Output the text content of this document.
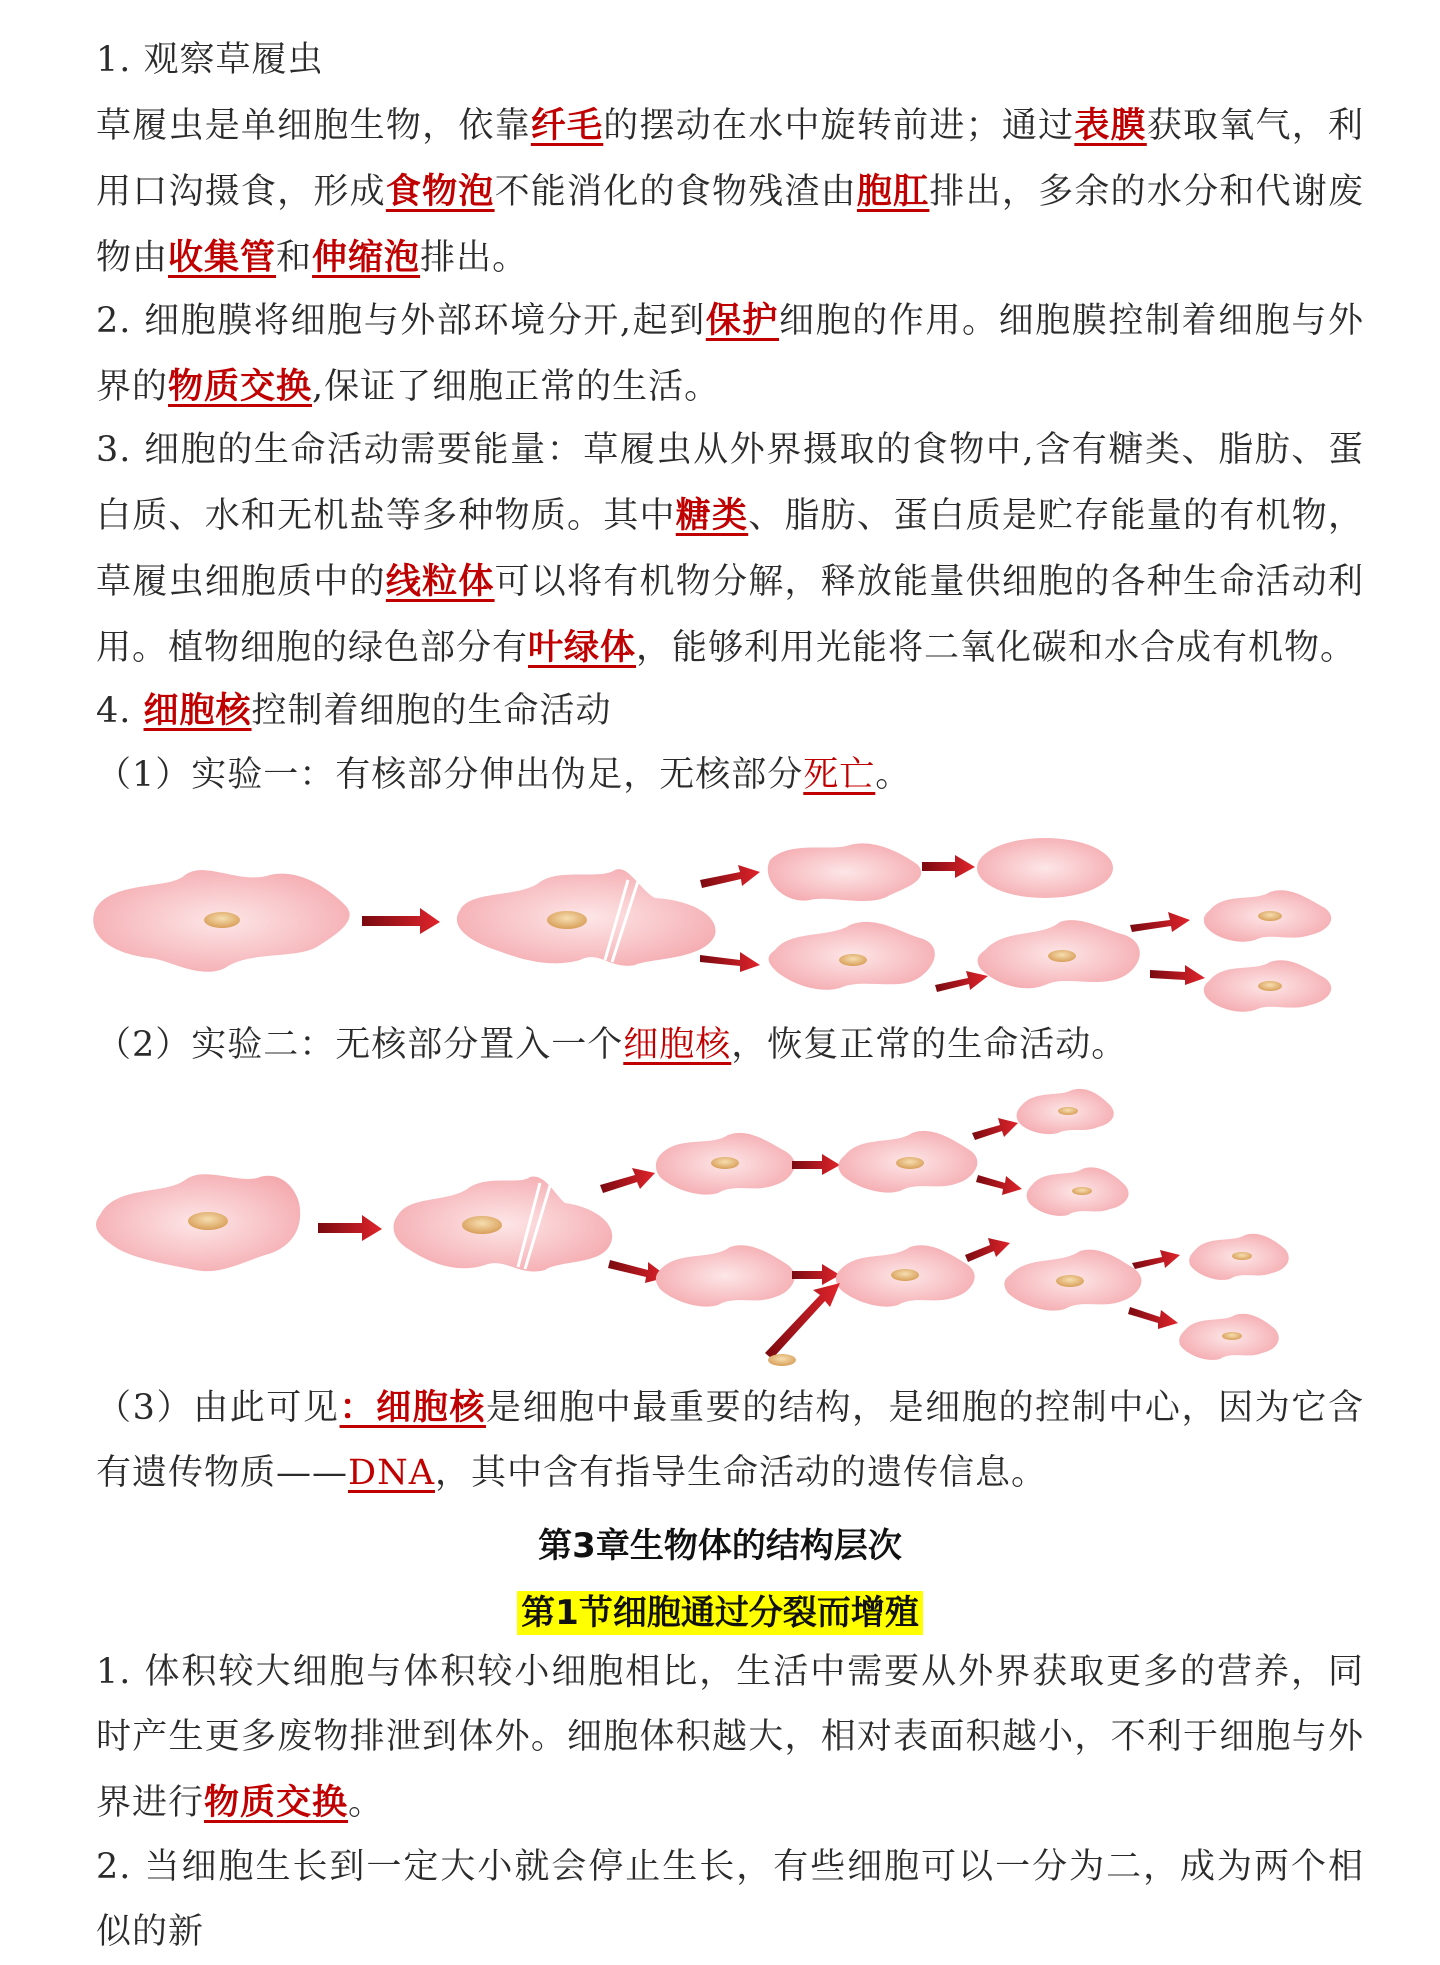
1. 观察草履虫
草履虫是单细胞生物，依靠纤毛的摆动在水中旋转前进；通过表膜获取氧气，利用口沟摄食，形成食物泡不能消化的食物残渣由胞肛排出，多余的水分和代谢废物由收集管和伸缩泡排出。
2. 细胞膜将细胞与外部环境分开,起到保护细胞的作用。细胞膜控制着细胞与外界的物质交换,保证了细胞正常的生活。
3. 细胞的生命活动需要能量：草履虫从外界摄取的食物中,含有糖类、脂肪、蛋白质、水和无机盐等多种物质。其中糖类、脂肪、蛋白质是贮存能量的有机物，草履虫细胞质中的线粒体可以将有机物分解，释放能量供细胞的各种生命活动利用。植物细胞的绿色部分有叶绿体，能够利用光能将二氧化碳和水合成有机物。
4. 细胞核控制着细胞的生命活动
（1）实验一：有核部分伸出伪足，无核部分死亡。
（2）实验二：无核部分置入一个细胞核，恢复正常的生命活动。
（3）由此可见：细胞核是细胞中最重要的结构，是细胞的控制中心，因为它含有遗传物质——DNA，其中含有指导生命活动的遗传信息。
第3章生物体的结构层次
第1节细胞通过分裂而增殖
1. 体积较大细胞与体积较小细胞相比，生活中需要从外界获取更多的营养，同时产生更多废物排泄到体外。细胞体积越大，相对表面积越小，不利于细胞与外界进行物质交换。
2. 当细胞生长到一定大小就会停止生长，有些细胞可以一分为二，成为两个相似的新
